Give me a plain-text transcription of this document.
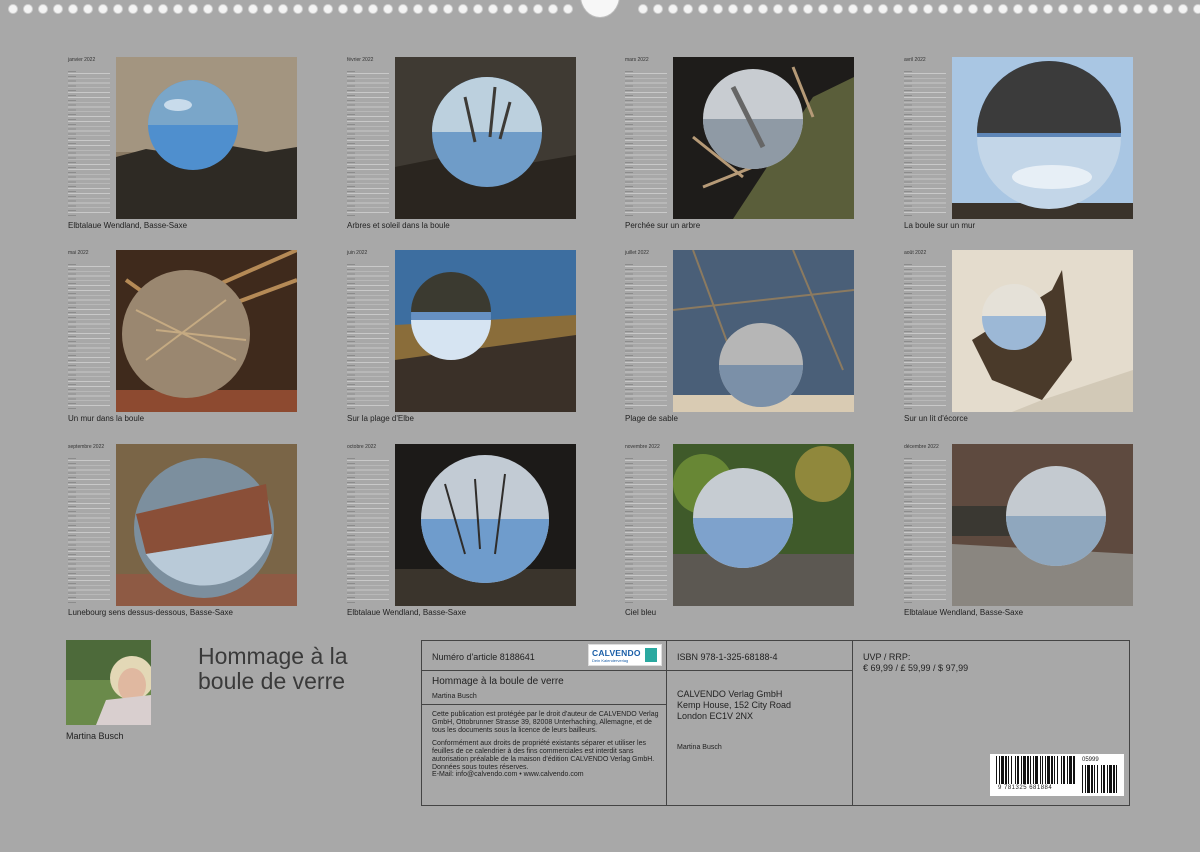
janvier 2022
Elbtalaue Wendland, Basse-Saxe
février 2022
Arbres et soleil dans la boule
mars 2022
Perchée sur un arbre
avril 2022
La boule sur un mur
mai 2022
Un mur dans la boule
juin 2022
Sur la plage d'Elbe
juillet 2022
Plage de sable
août 2022
Sur un lit d'écorce
septembre 2022
Lunebourg sens dessus-dessous, Basse-Saxe
octobre 2022
Elbtalaue Wendland, Basse-Saxe
novembre 2022
Ciel bleu
décembre 2022
Elbtalaue Wendland, Basse-Saxe
Martina Busch
Hommage à la boule de verre
Numéro d'article 8188641	CALVENDO
Dein Kalenderverlag
Hommage à la boule de verre
Martina Busch

Cette publication est protégée par le droit d'auteur de CALVENDO Verlag GmbH, Ottobrunner Strasse 39, 82008 Unterhaching, Allemagne, et de tous les documents sous la licence de leurs bailleurs.

Conformément aux droits de propriété existants séparer et utiliser les feuilles de ce calendrier à des fins commerciales est interdit sans autorisation préalable de la maison d'édition CALVENDO Verlag GmbH. Données sous toutes réserves.

E-Mail: info@calvendo.com • www.calvendo.com
ISBN 978-1-325-68188-4
CALVENDO Verlag GmbH
Kemp House, 152 City Road
London EC1V 2NX
Martina Busch
UVP / RRP:
€ 69,99 / £ 59,99 / $ 97,99
9 781325 681884
05999
